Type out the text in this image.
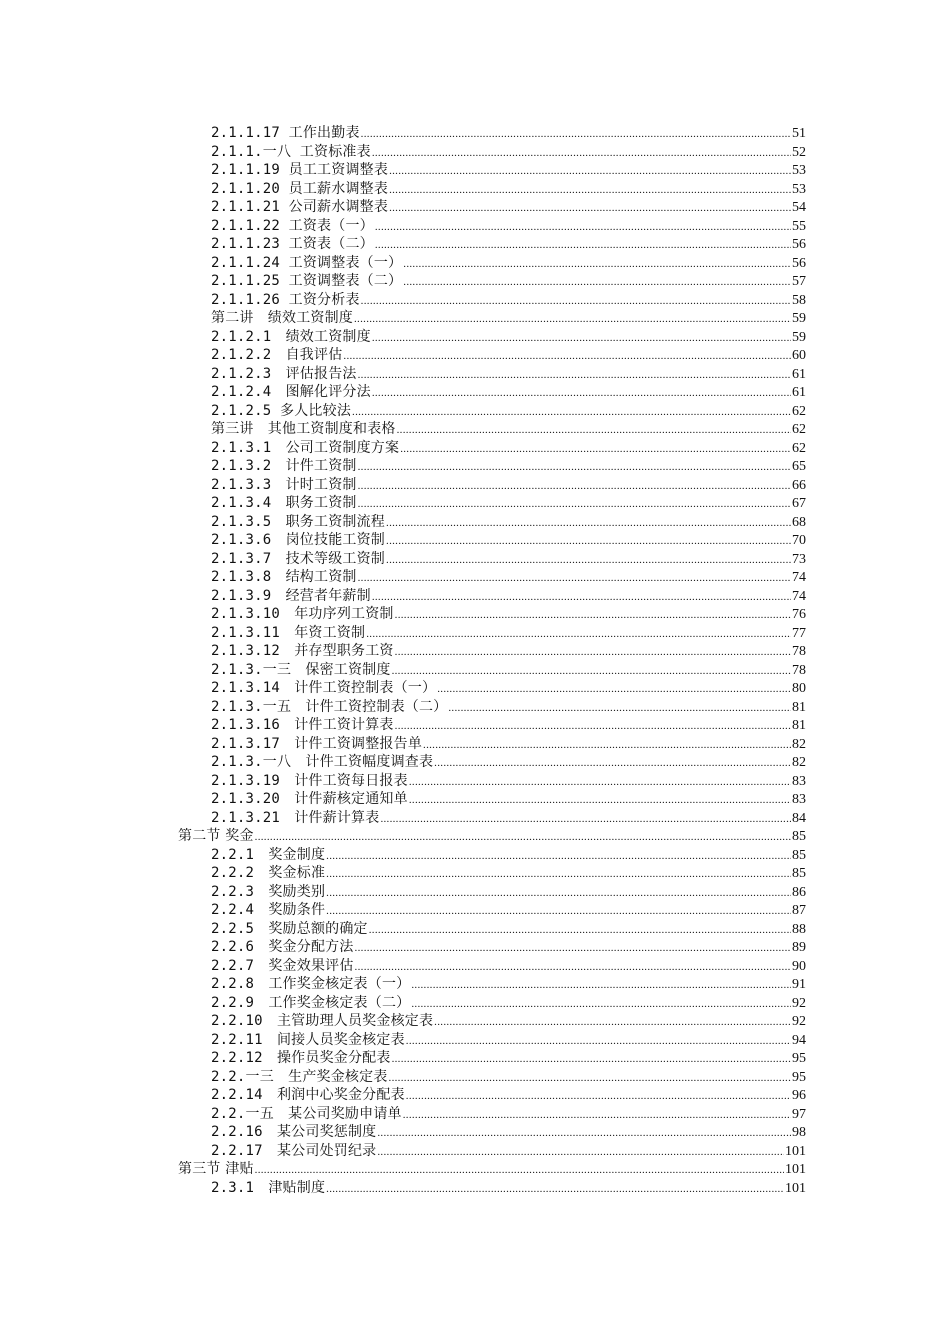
2.1.1.17 工作出勤表 .....	51
2.1.1.一八 工资标准表 .....	52
2.1.1.19 员工工资调整表 .....	53
2.1.1.20 员工薪水调整表 .....	53
2.1.1.21 公司薪水调整表 .....	54
2.1.1.22 工资表（一） .....	55
2.1.1.23 工资表（二） .....	56
2.1.1.24 工资调整表（一） .....	56
2.1.1.25 工资调整表（二） .....	57
2.1.1.26 工资分析表 .....	58
第二讲　绩效工资制度 .....	59
2.1.2.1　绩效工资制度 .....	59
2.1.2.2　自我评估 .....	60
2.1.2.3　评估报告法 .....	61
2.1.2.4　图解化评分法 .....	61
2.1.2.5 多人比较法 .....	62
第三讲　其他工资制度和表格 .....	62
2.1.3.1　公司工资制度方案 .....	62
2.1.3.2　计件工资制 .....	65
2.1.3.3　计时工资制 .....	66
2.1.3.4　职务工资制 .....	67
2.1.3.5　职务工资制流程 .....	68
2.1.3.6　岗位技能工资制 .....	70
2.1.3.7　技术等级工资制 .....	73
2.1.3.8　结构工资制 .....	74
2.1.3.9　经营者年薪制 .....	74
2.1.3.10　年功序列工资制 .....	76
2.1.3.11　年资工资制 .....	77
2.1.3.12　并存型职务工资 .....	78
2.1.3.一三　保密工资制度 .....	78
2.1.3.14　计件工资控制表（一） .....	80
2.1.3.一五　计件工资控制表（二） .....	81
2.1.3.16　计件工资计算表 .....	81
2.1.3.17　计件工资调整报告单 .....	82
2.1.3.一八　计件工资幅度调查表 .....	82
2.1.3.19　计件工资每日报表 .....	83
2.1.3.20　计件薪核定通知单 .....	83
2.1.3.21　计件薪计算表 .....	84
第二节 奖金 .....	85
2.2.1　奖金制度 .....	85
2.2.2　奖金标准 .....	85
2.2.3　奖励类别 .....	86
2.2.4　奖励条件 .....	87
2.2.5　奖励总额的确定 .....	88
2.2.6　奖金分配方法 .....	89
2.2.7　奖金效果评估 .....	90
2.2.8　工作奖金核定表（一） .....	91
2.2.9　工作奖金核定表（二） .....	92
2.2.10　主管助理人员奖金核定表 .....	92
2.2.11　间接人员奖金核定表 .....	94
2.2.12　操作员奖金分配表 .....	95
2.2.一三　生产奖金核定表 .....	95
2.2.14　利润中心奖金分配表 .....	96
2.2.一五　某公司奖励申请单 .....	97
2.2.16　某公司奖惩制度 .....	98
2.2.17　某公司处罚纪录 .....	101
第三节 津贴 .....	101
2.3.1　津贴制度 .....	101
